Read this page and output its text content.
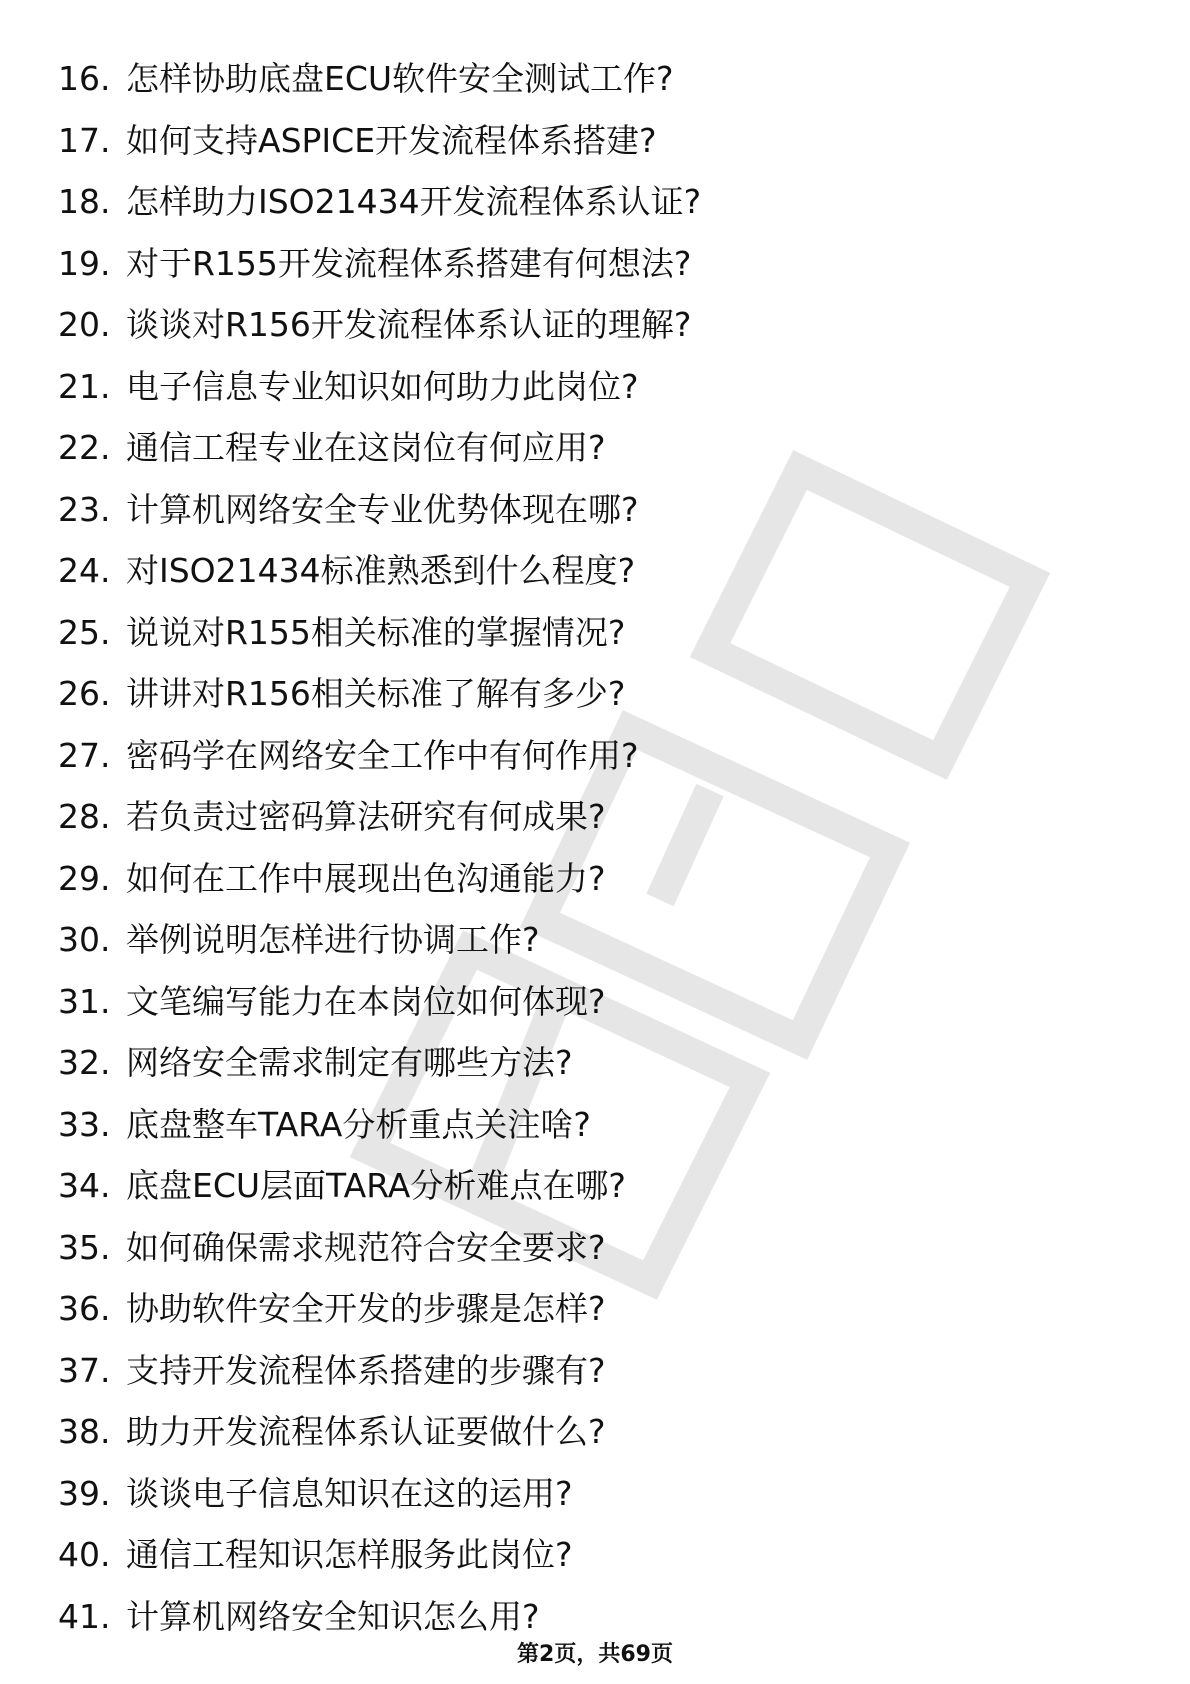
16. 怎样协助底盘ECU软件安全测试工作?
17. 如何支持ASPICE开发流程体系搭建?
18. 怎样助力ISO21434开发流程体系认证?
19. 对于R155开发流程体系搭建有何想法?
20. 谈谈对R156开发流程体系认证的理解?
21. 电子信息专业知识如何助力此岗位?
22. 通信工程专业在这岗位有何应用?
23. 计算机网络安全专业优势体现在哪?
24. 对ISO21434标准熟悉到什么程度?
25. 说说对R155相关标准的掌握情况?
26. 讲讲对R156相关标准了解有多少?
27. 密码学在网络安全工作中有何作用?
28. 若负责过密码算法研究有何成果?
29. 如何在工作中展现出色沟通能力?
30. 举例说明怎样进行协调工作?
31. 文笔编写能力在本岗位如何体现?
32. 网络安全需求制定有哪些方法?
33. 底盘整车TARA分析重点关注啥?
34. 底盘ECU层面TARA分析难点在哪?
35. 如何确保需求规范符合安全要求?
36. 协助软件安全开发的步骤是怎样?
37. 支持开发流程体系搭建的步骤有?
38. 助力开发流程体系认证要做什么?
39. 谈谈电子信息知识在这的运用?
40. 通信工程知识怎样服务此岗位?
41. 计算机网络安全知识怎么用?
第2页，共69页
